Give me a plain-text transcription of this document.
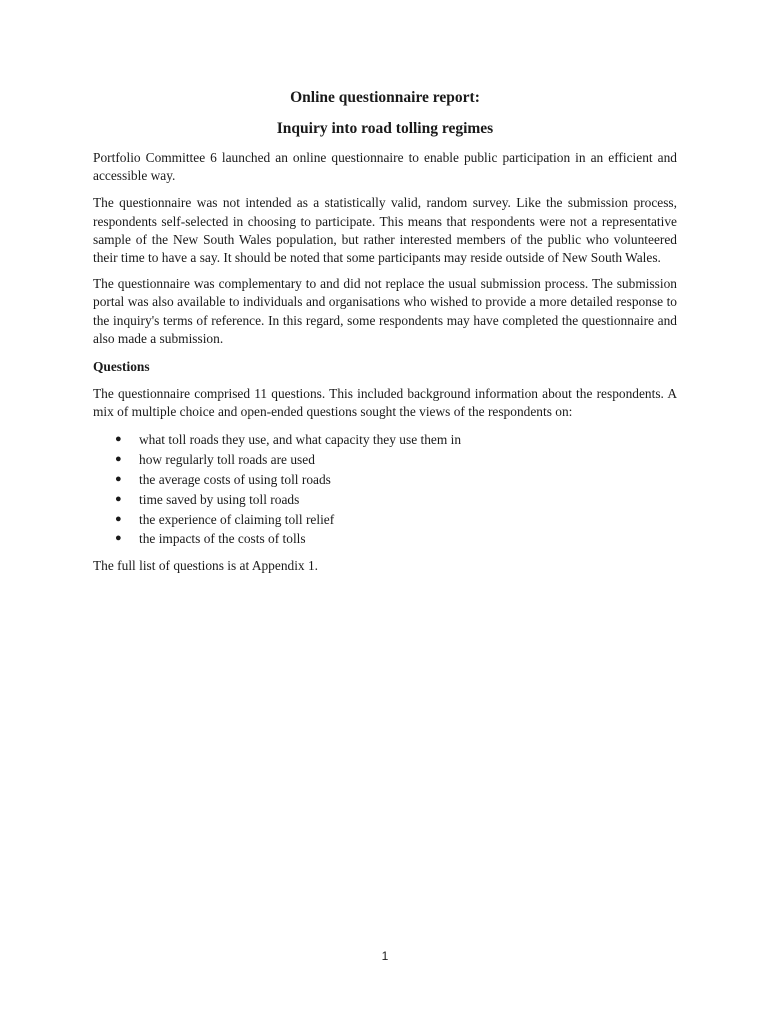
Online questionnaire report:
Inquiry into road tolling regimes

Portfolio Committee 6 launched an online questionnaire to enable public participation in an efficient and accessible way.

The questionnaire was not intended as a statistically valid, random survey. Like the submission process, respondents self-selected in choosing to participate. This means that respondents were not a representative sample of the New South Wales population, but rather interested members of the public who volunteered their time to have a say. It should be noted that some participants may reside outside of New South Wales.

The questionnaire was complementary to and did not replace the usual submission process. The submission portal was also available to individuals and organisations who wished to provide a more detailed response to the inquiry's terms of reference. In this regard, some respondents may have completed the questionnaire and also made a submission.

Questions

The questionnaire comprised 11 questions. This included background information about the respondents. A mix of multiple choice and open-ended questions sought the views of the respondents on:

● what toll roads they use, and what capacity they use them in
● how regularly toll roads are used
● the average costs of using toll roads
● time saved by using toll roads
● the experience of claiming toll relief
● the impacts of the costs of tolls

The full list of questions is at Appendix 1.

1
